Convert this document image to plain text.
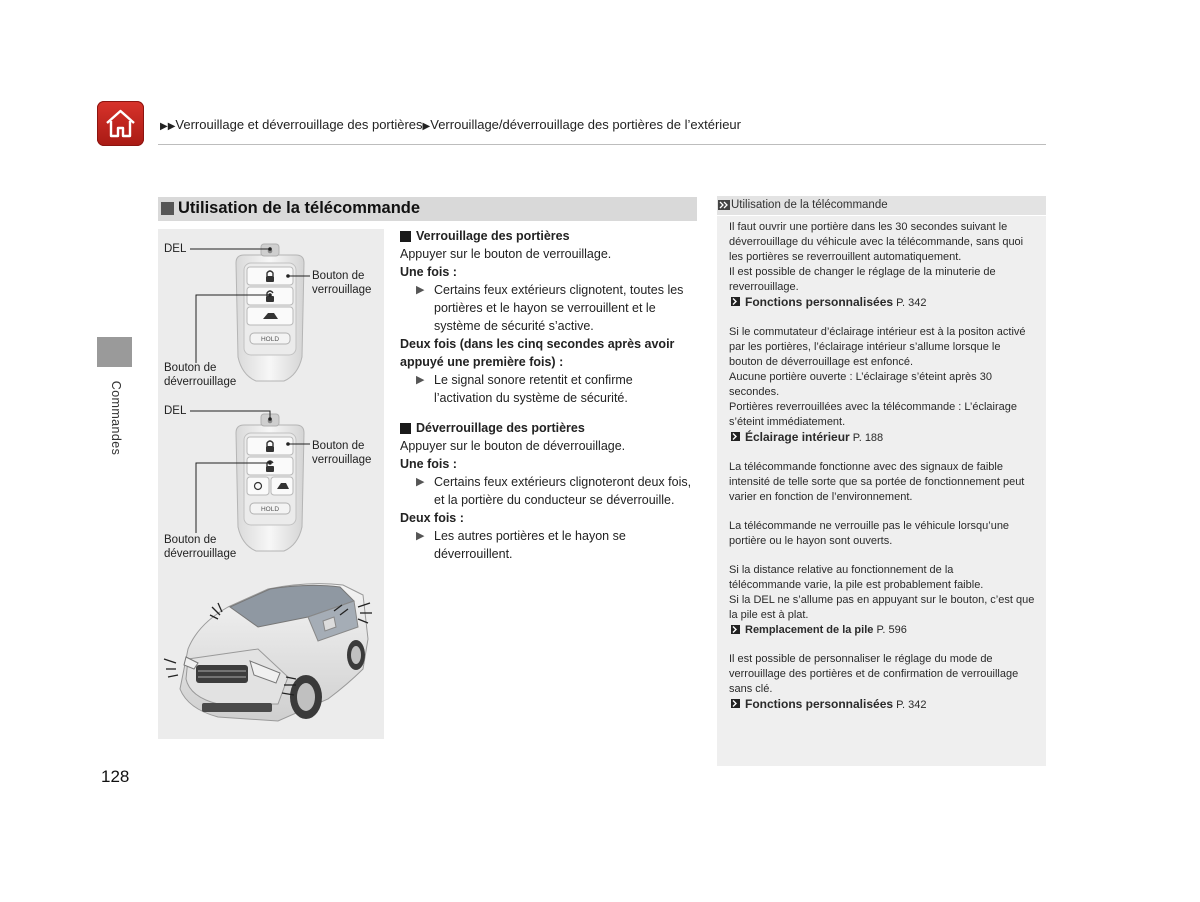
▶▶Verrouillage et déverrouillage des portières▶Verrouillage/déverrouillage des portières de l’extérieur
Commandes
128
Utilisation de la télécommande
HOLD
HOLD
DEL
Bouton de
verrouillage
Bouton de
déverrouillage
DEL
Bouton de
verrouillage
Bouton de
déverrouillage
Verrouillage des portières
Appuyer sur le bouton de verrouillage.
Une fois :
▶ Certains feux extérieurs clignotent, toutes les
portières et le hayon se verrouillent et le
système de sécurité s’active.
Deux fois (dans les cinq secondes après avoir
appuyé une première fois) :
▶ Le signal sonore retentit et confirme
l’activation du système de sécurité.
Déverrouillage des portières
Appuyer sur le bouton de déverrouillage.
Une fois :
▶ Certains feux extérieurs clignoteront deux fois,
et la portière du conducteur se déverrouille.
Deux fois :
▶ Les autres portières et le hayon se
déverrouillent.
Utilisation de la télécommande
Il faut ouvrir une portière dans les 30 secondes suivant le
déverrouillage du véhicule avec la télécommande, sans quoi
les portières se reverrouillent automatiquement.
Il est possible de changer le réglage de la minuterie de
reverrouillage.
Fonctions personnalisées P. 342
Si le commutateur d’éclairage intérieur est à la positon activé
par les portières, l’éclairage intérieur s’allume lorsque le
bouton de déverrouillage est enfoncé.
Aucune portière ouverte : L’éclairage s’éteint après 30
secondes.
Portières reverrouillées avec la télécommande : L’éclairage
s’éteint immédiatement.
Éclairage intérieur P. 188
La télécommande fonctionne avec des signaux de faible
intensité de telle sorte que sa portée de fonctionnement peut
varier en fonction de l’environnement.
La télécommande ne verrouille pas le véhicule lorsqu’une
portière ou le hayon sont ouverts.
Si la distance relative au fonctionnement de la
télécommande varie, la pile est probablement faible.
Si la DEL ne s’allume pas en appuyant sur le bouton, c’est que
la pile est à plat.
Remplacement de la pile P. 596
Il est possible de personnaliser le réglage du mode de
verrouillage des portières et de confirmation de verrouillage
sans clé.
Fonctions personnalisées P. 342
